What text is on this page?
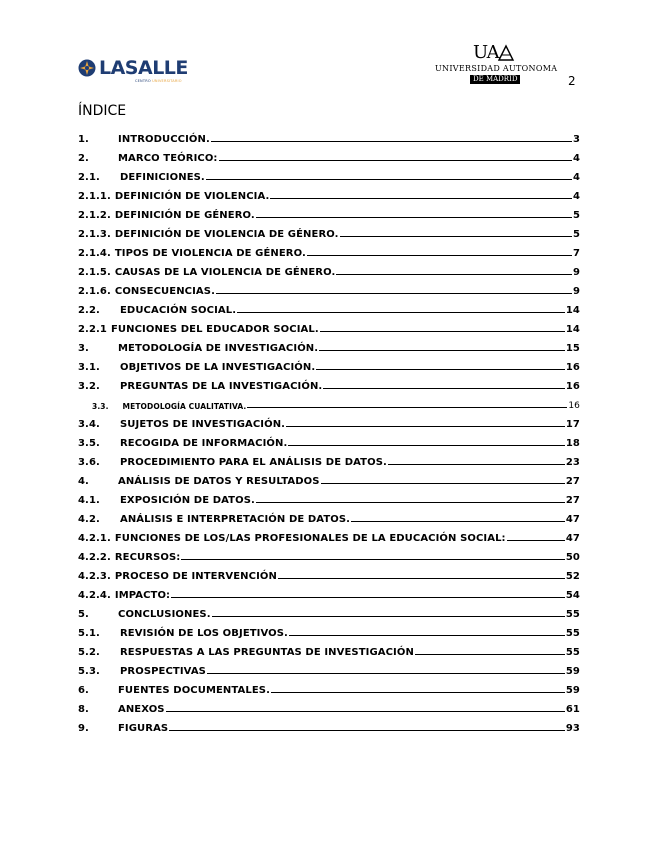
LASALLE
CENTRO UNIVERSITARIO
UA
UNIVERSIDAD AUTONOMA
DE MADRID	2
ÍNDICE
1.	INTRODUCCIÓN.	3
2.	MARCO TEÓRICO:	4
2.1. DEFINICIONES.	4
2.1.1. DEFINICIÓN DE VIOLENCIA.	4
2.1.2. DEFINICIÓN DE GÉNERO.	5
2.1.3. DEFINICIÓN DE VIOLENCIA DE GÉNERO.	5
2.1.4. TIPOS DE VIOLENCIA DE GÉNERO.	7
2.1.5. CAUSAS DE LA VIOLENCIA DE GÉNERO.	9
2.1.6. CONSECUENCIAS.	9
2.2. EDUCACIÓN SOCIAL.	14
2.2.1 FUNCIONES DEL EDUCADOR SOCIAL.	14
3.	METODOLOGÍA DE INVESTIGACIÓN.	15
3.1. OBJETIVOS DE LA INVESTIGACIÓN.	16
3.2. PREGUNTAS DE LA INVESTIGACIÓN.	16
3.3. METODOLOGÍA CUALITATIVA.	16
3.4. SUJETOS DE INVESTIGACIÓN.	17
3.5. RECOGIDA DE INFORMACIÓN.	18
3.6. PROCEDIMIENTO PARA EL ANÁLISIS DE DATOS.	23
4.	ANÁLISIS DE DATOS Y RESULTADOS	27
4.1. EXPOSICIÓN DE DATOS.	27
4.2. ANÁLISIS E INTERPRETACIÓN DE DATOS.	47
4.2.1. FUNCIONES DE LOS/LAS PROFESIONALES DE LA EDUCACIÓN SOCIAL:	47
4.2.2. RECURSOS:	50
4.2.3. PROCESO DE INTERVENCIÓN	52
4.2.4. IMPACTO:	54
5.	CONCLUSIONES.	55
5.1. REVISIÓN DE LOS OBJETIVOS.	55
5.2. RESPUESTAS A LAS PREGUNTAS DE INVESTIGACIÓN	55
5.3. PROSPECTIVAS	59
6.	FUENTES DOCUMENTALES.	59
8.	ANEXOS	61
9.	FIGURAS	93
